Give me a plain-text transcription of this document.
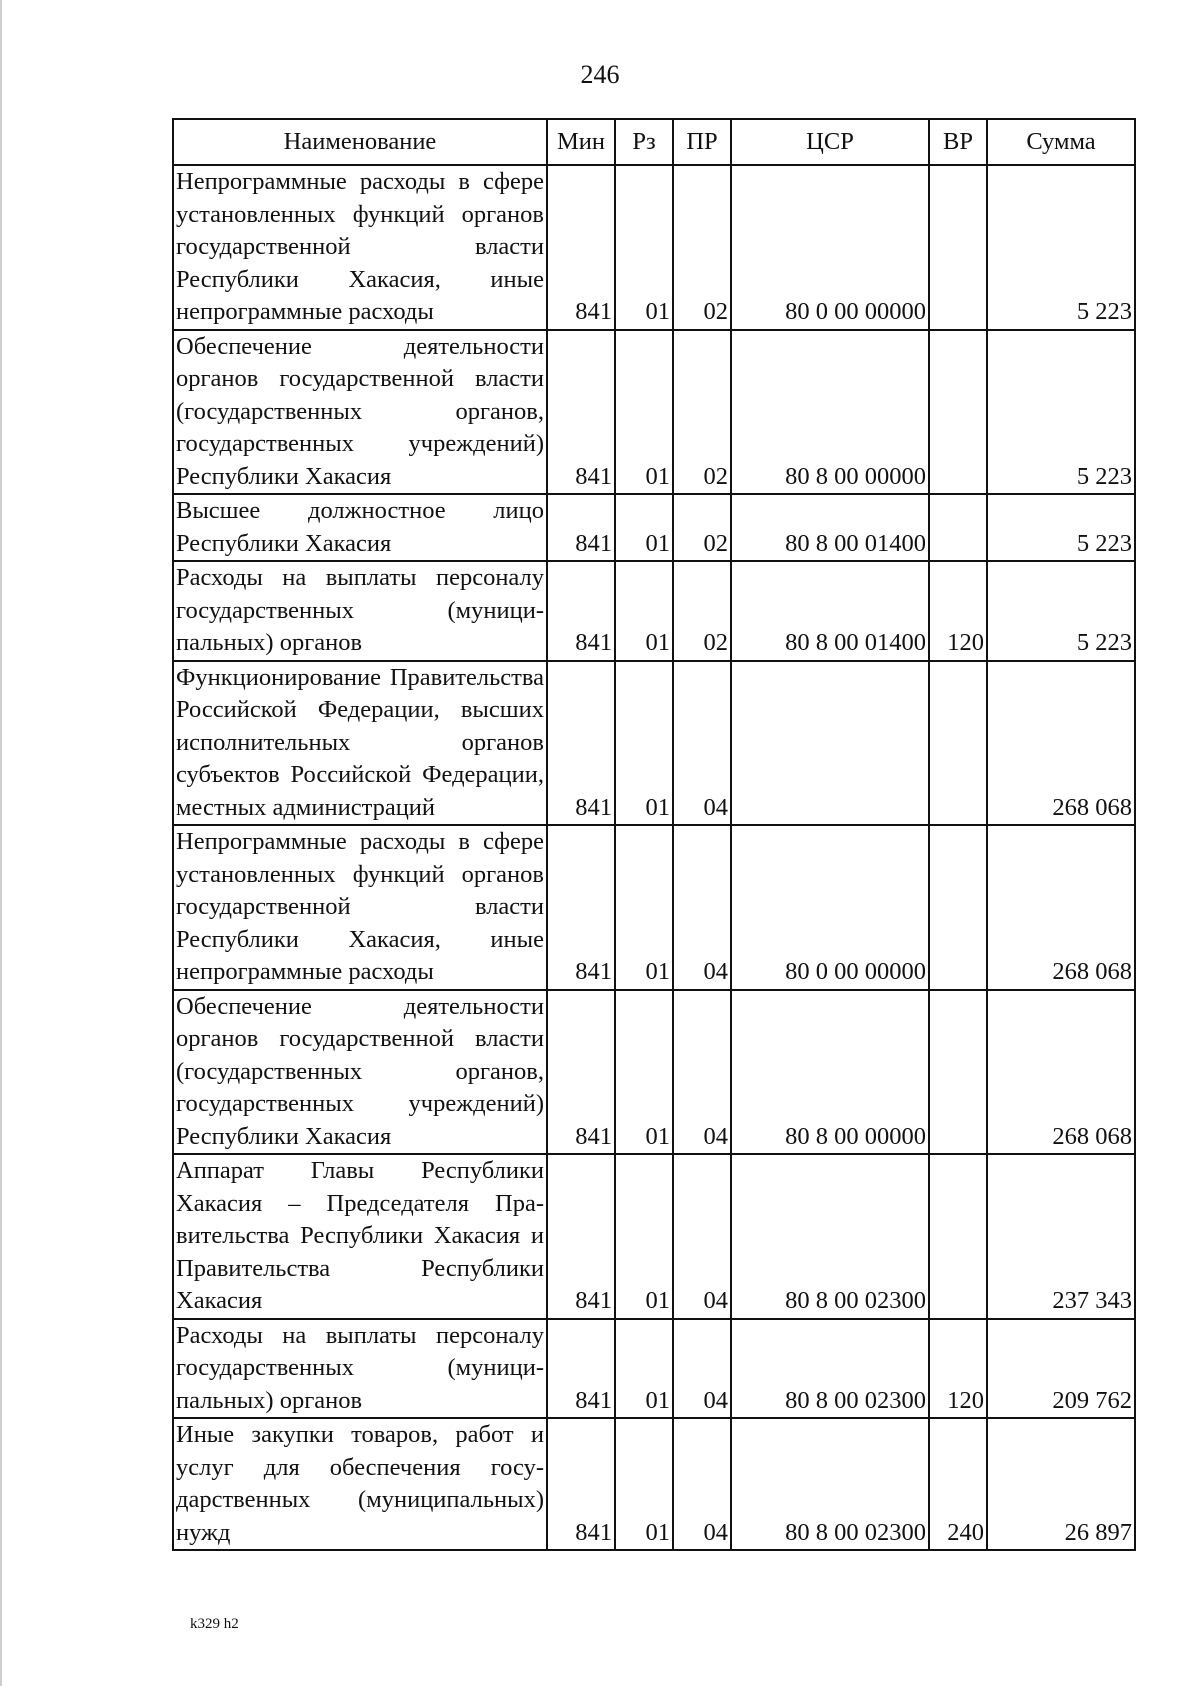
246
Наименование	Мин	Рз	ПР	ЦСР	ВР	Сумма
Непрограммные расходы в сфере установленных функций органов государственной власти Республики Хакасия, иные непрограммные расходы	841	01	02	80 0 00 00000		5 223
Обеспечение деятельности органов государственной власти (государственных органов, государственных учреждений) Республики Хакасия	841	01	02	80 8 00 00000		5 223
Высшее должностное лицо Республики Хакасия	841	01	02	80 8 00 01400		5 223
Расходы на выплаты персоналу государственных (муниципальных) органов	841	01	02	80 8 00 01400	120	5 223
Функционирование Правительства Российской Федерации, высших исполнительных органов субъектов Российской Федерации, местных администраций	841	01	04			268 068
Непрограммные расходы в сфере установленных функций органов государственной власти Республики Хакасия, иные непрограммные расходы	841	01	04	80 0 00 00000		268 068
Обеспечение деятельности органов государственной власти (государственных органов, государственных учреждений) Республики Хакасия	841	01	04	80 8 00 00000		268 068
Аппарат Главы Республики Хакасия – Председателя Правительства Республики Хакасия и Правительства Республики Хакасия	841	01	04	80 8 00 02300		237 343
Расходы на выплаты персоналу государственных (муниципальных) органов	841	01	04	80 8 00 02300	120	209 762
Иные закупки товаров, работ и услуг для обеспечения государственных (муниципальных) нужд	841	01	04	80 8 00 02300	240	26 897
k329 h2
